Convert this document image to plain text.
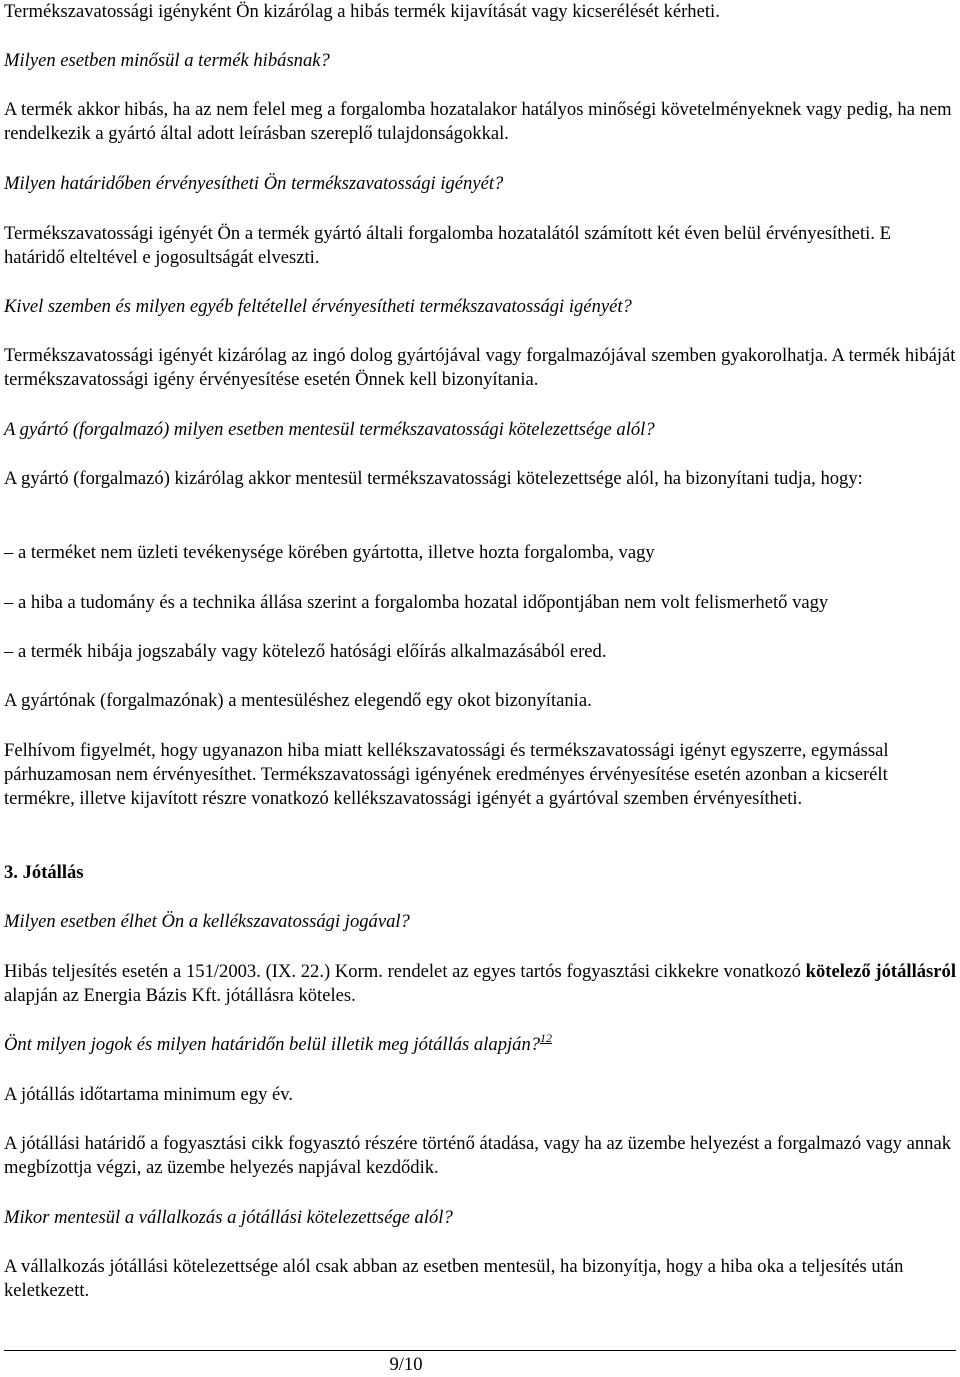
Termékszavatossági igényként Ön kizárólag a hibás termék kijavítását vagy kicserélését kérheti.

Milyen esetben minősül a termék hibásnak?

A termék akkor hibás, ha az nem felel meg a forgalomba hozatalakor hatályos minőségi követelményeknek vagy pedig, ha nem rendelkezik a gyártó által adott leírásban szereplő tulajdonságokkal.

Milyen határidőben érvényesítheti Ön termékszavatossági igényét?

Termékszavatossági igényét Ön a termék gyártó általi forgalomba hozatalától számított két éven belül érvényesítheti. E határidő elteltével e jogosultságát elveszti.

Kivel szemben és milyen egyéb feltétellel érvényesítheti termékszavatossági igényét?

Termékszavatossági igényét kizárólag az ingó dolog gyártójával vagy forgalmazójával szemben gyakorolhatja. A termék hibáját termékszavatossági igény érvényesítése esetén Önnek kell bizonyítania.

A gyártó (forgalmazó) milyen esetben mentesül termékszavatossági kötelezettsége alól?

A gyártó (forgalmazó) kizárólag akkor mentesül termékszavatossági kötelezettsége alól, ha bizonyítani tudja, hogy:

– a terméket nem üzleti tevékenysége körében gyártotta, illetve hozta forgalomba, vagy

– a hiba a tudomány és a technika állása szerint a forgalomba hozatal időpontjában nem volt felismerhető vagy

– a termék hibája jogszabály vagy kötelező hatósági előírás alkalmazásából ered.

A gyártónak (forgalmazónak) a mentesüléshez elegendő egy okot bizonyítania.

Felhívom figyelmét, hogy ugyanazon hiba miatt kellékszavatossági és termékszavatossági igényt egyszerre, egymással párhuzamosan nem érvényesíthet. Termékszavatossági igényének eredményes érvényesítése esetén azonban a kicserélt termékre, illetve kijavított részre vonatkozó kellékszavatossági igényét a gyártóval szemben érvényesítheti.

3. Jótállás

Milyen esetben élhet Ön a kellékszavatossági jogával?

Hibás teljesítés esetén a 151/2003. (IX. 22.) Korm. rendelet az egyes tartós fogyasztási cikkekre vonatkozó kötelező jótállásról alapján az Energia Bázis Kft. jótállásra köteles.

Önt milyen jogok és milyen határidőn belül illetik meg jótállás alapján?$^{12}$

A jótállás időtartama minimum egy év.

A jótállási határidő a fogyasztási cikk fogyasztó részére történő átadása, vagy ha az üzembe helyezést a forgalmazó vagy annak megbízottja végzi, az üzembe helyezés napjával kezdődik.

Mikor mentesül a vállalkozás a jótállási kötelezettsége alól?

A vállalkozás jótállási kötelezettsége alól csak abban az esetben mentesül, ha bizonyítja, hogy a hiba oka a teljesítés után keletkezett.

9/10
